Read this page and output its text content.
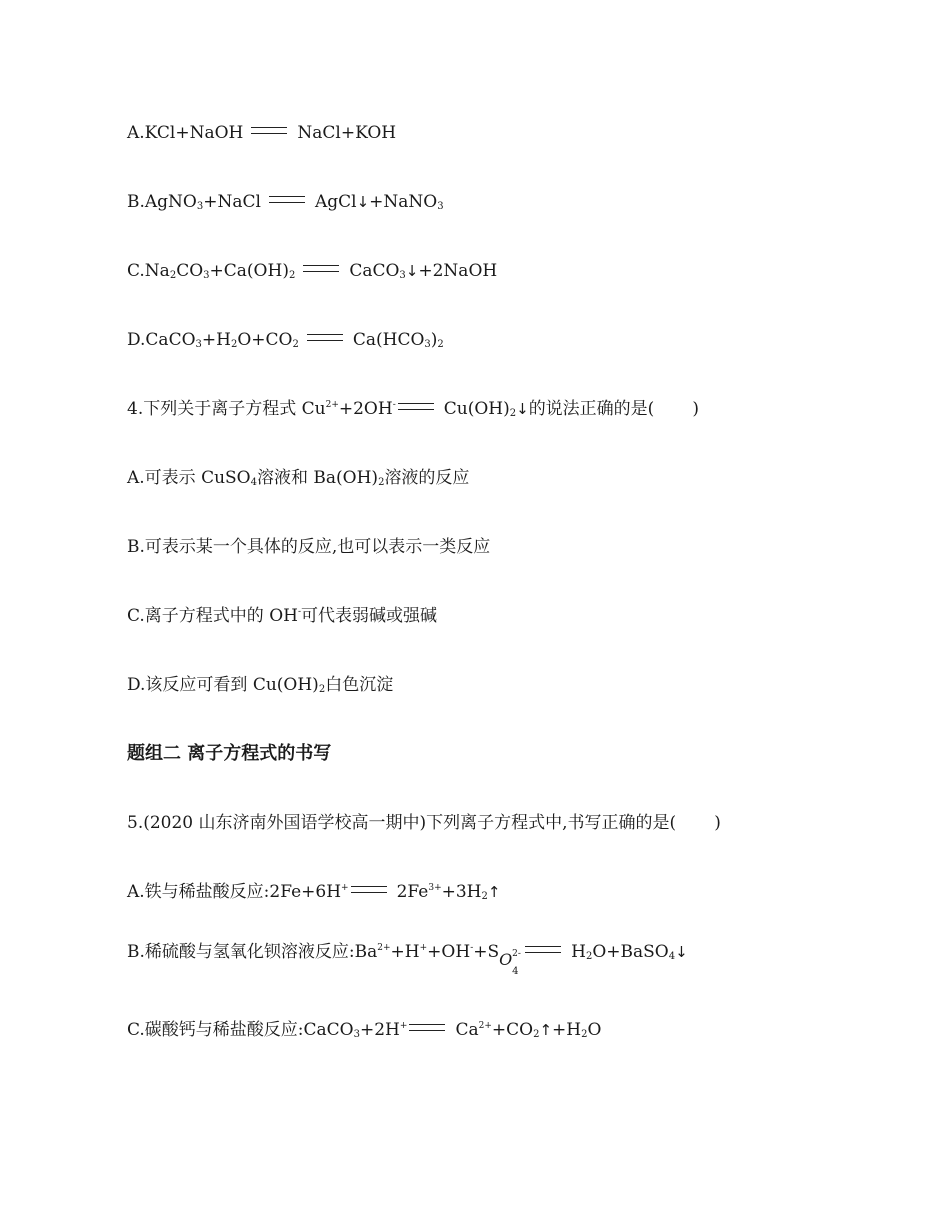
A.KCl+NaOH	NaCl+KOH
B.AgNO$_3$+NaCl	AgCl↓+NaNO$_3$
$C.Na_2CO_3+Ca(OH)_2$	CaCO$_3$↓+2NaOH
$D.CaCO_3+H_2O+CO_2$	$Ca(HCO_3)_2$
4.下列关于离子方程式 $Cu^{2+}+2OH^-$	$Cu(OH)_2↓$的说法正确的是( )
A.可表示 CuSO$_4$溶液和 $Ba(OH)_2$溶液的反应
B.可表示某一个具体的反应,也可以表示一类反应
C.离子方程式中的 OH-可代表弱碱或强碱
D.该反应可看到 $Cu(OH)_2$白色沉淀
题组二 离子方程式的书写
5.(2020 山东济南外国语学校高一期中)下列离子方程式中,书写正确的是( )
A.铁与稀盐酸反应:2Fe+6H+	$2Fe^{3+}+3H_2↑$
B.稀硫酸与氢氧化钡溶液反应$:Ba^{2+}+H^++OH^-+S$ O 2-
4
$H_2O+BaSO_4↓$
C.碳酸钙与稀盐酸反应:CaCO$_3$+2H+	$Ca^{2+}+CO_2↑+H_2O$
